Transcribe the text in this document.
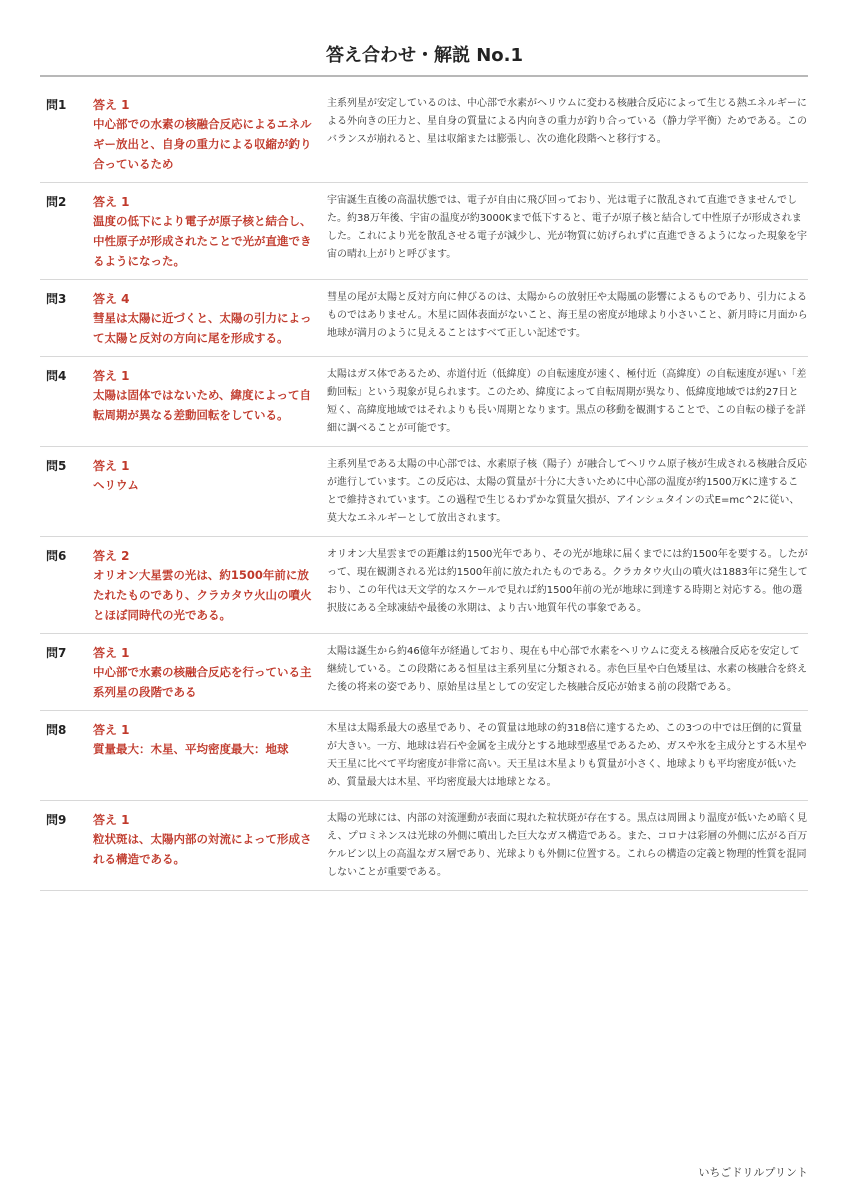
答え合わせ・解説 No.1
問1	答え 1
中心部での水素の核融合反応によるエネルギー放出と、自身の重力による収縮が釣り合っているため
主系列星が安定しているのは、中心部で水素がヘリウムに変わる核融合反応によって生じる熱エネルギーによる外向きの圧力と、星自身の質量による内向きの重力が釣り合っている（静力学平衡）ためである。このバランスが崩れると、星は収縮または膨張し、次の進化段階へと移行する。
問2	答え 1
温度の低下により電子が原子核と結合し、中性原子が形成されたことで光が直進できるようになった。
宇宙誕生直後の高温状態では、電子が自由に飛び回っており、光は電子に散乱されて直進できませんでした。約38万年後、宇宙の温度が約3000Kまで低下すると、電子が原子核と結合して中性原子が形成されました。これにより光を散乱させる電子が減少し、光が物質に妨げられずに直進できるようになった現象を宇宙の晴れ上がりと呼びます。
問3	答え 4
彗星は太陽に近づくと、太陽の引力によって太陽と反対の方向に尾を形成する。
彗星の尾が太陽と反対方向に伸びるのは、太陽からの放射圧や太陽風の影響によるものであり、引力によるものではありません。木星に固体表面がないこと、海王星の密度が地球より小さいこと、新月時に月面から地球が満月のように見えることはすべて正しい記述です。
問4	答え 1
太陽は固体ではないため、緯度によって自転周期が異なる差動回転をしている。
太陽はガス体であるため、赤道付近（低緯度）の自転速度が速く、極付近（高緯度）の自転速度が遅い「差動回転」という現象が見られます。このため、緯度によって自転周期が異なり、低緯度地域では約27日と短く、高緯度地域ではそれよりも長い周期となります。黒点の移動を観測することで、この自転の様子を詳細に調べることが可能です。
問5	答え 1
ヘリウム
主系列星である太陽の中心部では、水素原子核（陽子）が融合してヘリウム原子核が生成される核融合反応が進行しています。この反応は、太陽の質量が十分に大きいために中心部の温度が約1500万Kに達することで維持されています。この過程で生じるわずかな質量欠損が、アインシュタインの式E=mc^2に従い、莫大なエネルギーとして放出されます。
問6	答え 2
オリオン大星雲の光は、約1500年前に放たれたものであり、クラカタウ火山の噴火とほぼ同時代の光である。
オリオン大星雲までの距離は約1500光年であり、その光が地球に届くまでには約1500年を要する。したがって、現在観測される光は約1500年前に放たれたものである。クラカタウ火山の噴火は1883年に発生しており、この年代は天文学的なスケールで見れば約1500年前の光が地球に到達する時期と対応する。他の選択肢にある全球凍結や最後の氷期は、より古い地質年代の事象である。
問7	答え 1
中心部で水素の核融合反応を行っている主系列星の段階である
太陽は誕生から約46億年が経過しており、現在も中心部で水素をヘリウムに変える核融合反応を安定して継続している。この段階にある恒星は主系列星に分類される。赤色巨星や白色矮星は、水素の核融合を終えた後の将来の姿であり、原始星は星としての安定した核融合反応が始まる前の段階である。
問8	答え 1
質量最大：木星、平均密度最大：地球
木星は太陽系最大の惑星であり、その質量は地球の約318倍に達するため、この3つの中では圧倒的に質量が大きい。一方、地球は岩石や金属を主成分とする地球型惑星であるため、ガスや氷を主成分とする木星や天王星に比べて平均密度が非常に高い。天王星は木星よりも質量が小さく、地球よりも平均密度が低いため、質量最大は木星、平均密度最大は地球となる。
問9	答え 1
粒状斑は、太陽内部の対流によって形成される構造である。
太陽の光球には、内部の対流運動が表面に現れた粒状斑が存在する。黒点は周囲より温度が低いため暗く見え、プロミネンスは光球の外側に噴出した巨大なガス構造である。また、コロナは彩層の外側に広がる百万ケルビン以上の高温なガス層であり、光球よりも外側に位置する。これらの構造の定義と物理的性質を混同しないことが重要である。
いちごドリルプリント
